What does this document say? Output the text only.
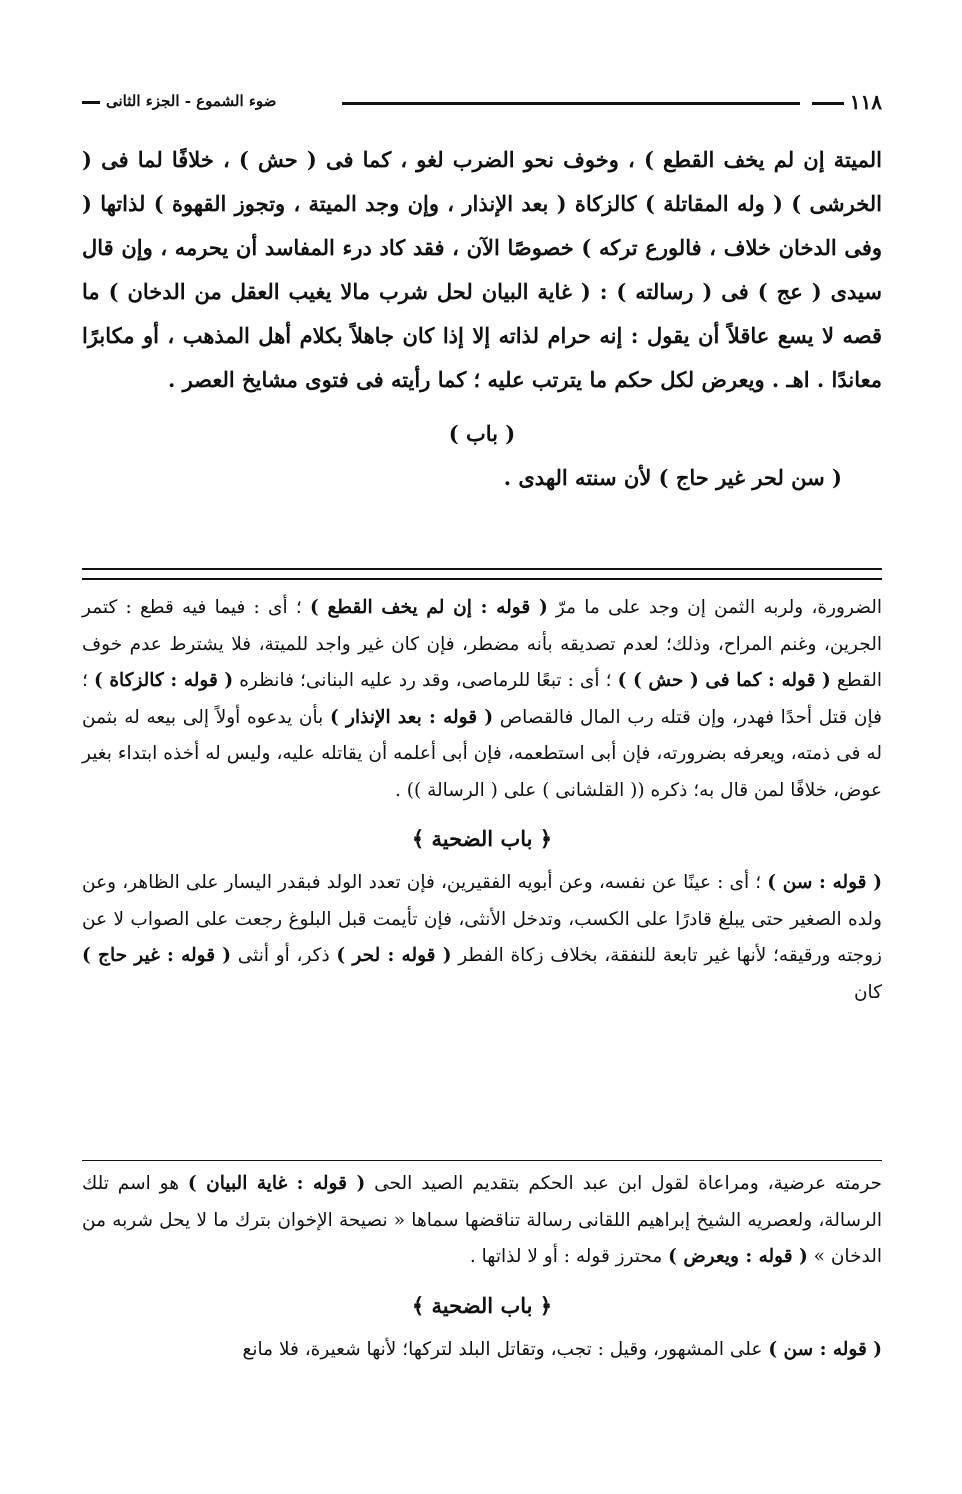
١١٨
ضوء الشموع - الجزء الثانى

الميتة إن لم يخف القطع ) ، وخوف نحو الضرب لغو ، كما فى ( حش ) ، خلافًا لما فى ( الخرشى ) ( وله المقاتلة ) كالزكاة ( بعد الإنذار ، وإن وجد الميتة ، وتجوز القهوة ) لذاتها ( وفى الدخان خلاف ، فالورع تركه ) خصوصًا الآن ، فقد كاد درء المفاسد أن يحرمه ، وإن قال سيدى ( عج ) فى ( رسالته ) : ( غاية البيان لحل شرب مالا يغيب العقل من الدخان ) ما قصه لا يسع عاقلاً أن يقول : إنه حرام لذاته إلا إذا كان جاهلاً بكلام أهل المذهب ، أو مكابرًا معاندًا . اهـ . ويعرض لكل حكم ما يترتب عليه ؛ كما رأيته فى فتوى مشايخ العصر .

( باب )
( سن لحر غير حاج ) لأن سنته الهدى .

الضرورة، ولربه الثمن إن وجد على ما مرّ ( قوله : إن لم يخف القطع ) ؛ أى : فيما فيه قطع : كتمر الجرين، وغنم المراح، وذلك؛ لعدم تصديقه بأنه مضطر، فإن كان غير واجد للميتة، فلا يشترط عدم خوف القطع ( قوله : كما فى ( حش ) ) ؛ أى : تبعًا للرماصى، وقد رد عليه البنانى؛ فانظره ( قوله : كالزكاة ) ؛ فإن قتل أحدًا فهدر، وإن قتله رب المال فالقصاص ( قوله : بعد الإنذار ) بأن يدعوه أولاً إلى بيعه له بثمن له فى ذمته، ويعرفه بضرورته، فإن أبى استطعمه، فإن أبى أعلمه أن يقاتله عليه، وليس له أخذه ابتداء بغير عوض، خلافًا لمن قال به؛ ذكره (( القلشانى ) على ( الرسالة )) .

﴿ باب الضحية ﴾

( قوله : سن ) ؛ أى : عينًا عن نفسه، وعن أبويه الفقيرين، فإن تعدد الولد فبقدر اليسار على الظاهر، وعن ولده الصغير حتى يبلغ قادرًا على الكسب، وتدخل الأنثى، فإن تأيمت قبل البلوغ رجعت على الصواب لا عن زوجته ورقيقه؛ لأنها غير تابعة للنفقة، بخلاف زكاة الفطر ( قوله : لحر ) ذكر، أو أنثى ( قوله : غير حاج ) كان

حرمته عرضية، ومراعاة لقول ابن عبد الحكم بتقديم الصيد الحى ( قوله : غاية البيان ) هو اسم تلك الرسالة، ولعصريه الشيخ إبراهيم اللقانى رسالة تناقضها سماها « نصيحة الإخوان بترك ما لا يحل شربه من الدخان » ( قوله : ويعرض ) محترز قوله : أو لا لذاتها .

﴿ باب الضحية ﴾

( قوله : سن ) على المشهور، وقيل : تجب، وتقاتل البلد لتركها؛ لأنها شعيرة، فلا مانع
